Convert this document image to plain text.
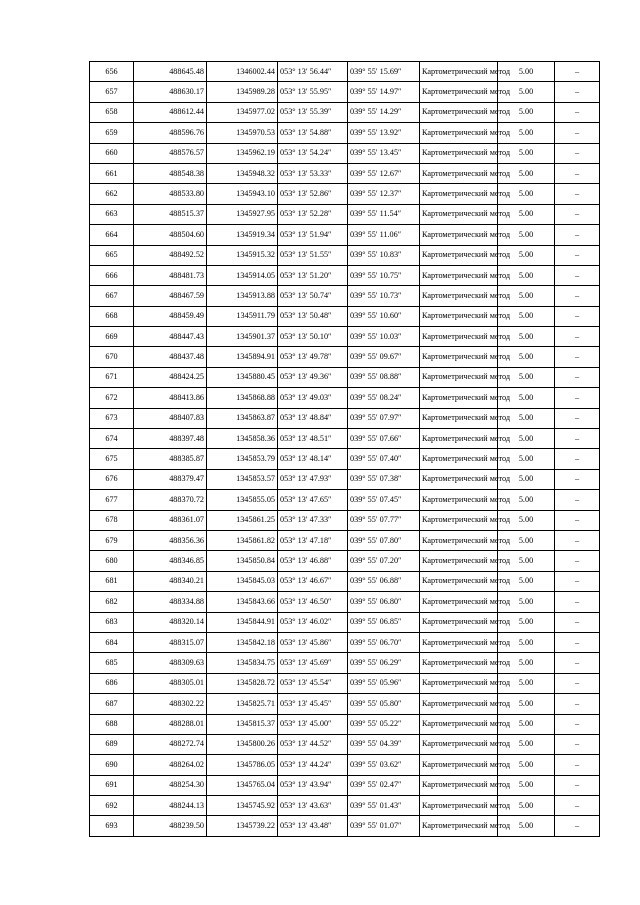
656	488645.48	1346002.44	053° 13′ 56.44″	039° 55′ 15.69″	Картометрический метод	5.00	–
657	488630.17	1345989.28	053° 13′ 55.95″	039° 55′ 14.97″	Картометрический метод	5.00	–
658	488612.44	1345977.02	053° 13′ 55.39″	039° 55′ 14.29″	Картометрический метод	5.00	–
659	488596.76	1345970.53	053° 13′ 54.88″	039° 55′ 13.92″	Картометрический метод	5.00	–
660	488576.57	1345962.19	053° 13′ 54.24″	039° 55′ 13.45″	Картометрический метод	5.00	–
661	488548.38	1345948.32	053° 13′ 53.33″	039° 55′ 12.67″	Картометрический метод	5.00	–
662	488533.80	1345943.10	053° 13′ 52.86″	039° 55′ 12.37″	Картометрический метод	5.00	–
663	488515.37	1345927.95	053° 13′ 52.28″	039° 55′ 11.54″	Картометрический метод	5.00	–
664	488504.60	1345919.34	053° 13′ 51.94″	039° 55′ 11.06″	Картометрический метод	5.00	–
665	488492.52	1345915.32	053° 13′ 51.55″	039° 55′ 10.83″	Картометрический метод	5.00	–
666	488481.73	1345914.05	053° 13′ 51.20″	039° 55′ 10.75″	Картометрический метод	5.00	–
667	488467.59	1345913.88	053° 13′ 50.74″	039° 55′ 10.73″	Картометрический метод	5.00	–
668	488459.49	1345911.79	053° 13′ 50.48″	039° 55′ 10.60″	Картометрический метод	5.00	–
669	488447.43	1345901.37	053° 13′ 50.10″	039° 55′ 10.03″	Картометрический метод	5.00	–
670	488437.48	1345894.91	053° 13′ 49.78″	039° 55′ 09.67″	Картометрический метод	5.00	–
671	488424.25	1345880.45	053° 13′ 49.36″	039° 55′ 08.88″	Картометрический метод	5.00	–
672	488413.86	1345868.88	053° 13′ 49.03″	039° 55′ 08.24″	Картометрический метод	5.00	–
673	488407.83	1345863.87	053° 13′ 48.84″	039° 55′ 07.97″	Картометрический метод	5.00	–
674	488397.48	1345858.36	053° 13′ 48.51″	039° 55′ 07.66″	Картометрический метод	5.00	–
675	488385.87	1345853.79	053° 13′ 48.14″	039° 55′ 07.40″	Картометрический метод	5.00	–
676	488379.47	1345853.57	053° 13′ 47.93″	039° 55′ 07.38″	Картометрический метод	5.00	–
677	488370.72	1345855.05	053° 13′ 47.65″	039° 55′ 07.45″	Картометрический метод	5.00	–
678	488361.07	1345861.25	053° 13′ 47.33″	039° 55′ 07.77″	Картометрический метод	5.00	–
679	488356.36	1345861.82	053° 13′ 47.18″	039° 55′ 07.80″	Картометрический метод	5.00	–
680	488346.85	1345850.84	053° 13′ 46.88″	039° 55′ 07.20″	Картометрический метод	5.00	–
681	488340.21	1345845.03	053° 13′ 46.67″	039° 55′ 06.88″	Картометрический метод	5.00	–
682	488334.88	1345843.66	053° 13′ 46.50″	039° 55′ 06.80″	Картометрический метод	5.00	–
683	488320.14	1345844.91	053° 13′ 46.02″	039° 55′ 06.85″	Картометрический метод	5.00	–
684	488315.07	1345842.18	053° 13′ 45.86″	039° 55′ 06.70″	Картометрический метод	5.00	–
685	488309.63	1345834.75	053° 13′ 45.69″	039° 55′ 06.29″	Картометрический метод	5.00	–
686	488305.01	1345828.72	053° 13′ 45.54″	039° 55′ 05.96″	Картометрический метод	5.00	–
687	488302.22	1345825.71	053° 13′ 45.45″	039° 55′ 05.80″	Картометрический метод	5.00	–
688	488288.01	1345815.37	053° 13′ 45.00″	039° 55′ 05.22″	Картометрический метод	5.00	–
689	488272.74	1345800.26	053° 13′ 44.52″	039° 55′ 04.39″	Картометрический метод	5.00	–
690	488264.02	1345786.05	053° 13′ 44.24″	039° 55′ 03.62″	Картометрический метод	5.00	–
691	488254.30	1345765.04	053° 13′ 43.94″	039° 55′ 02.47″	Картометрический метод	5.00	–
692	488244.13	1345745.92	053° 13′ 43.63″	039° 55′ 01.43″	Картометрический метод	5.00	–
693	488239.50	1345739.22	053° 13′ 43.48″	039° 55′ 01.07″	Картометрический метод	5.00	–
